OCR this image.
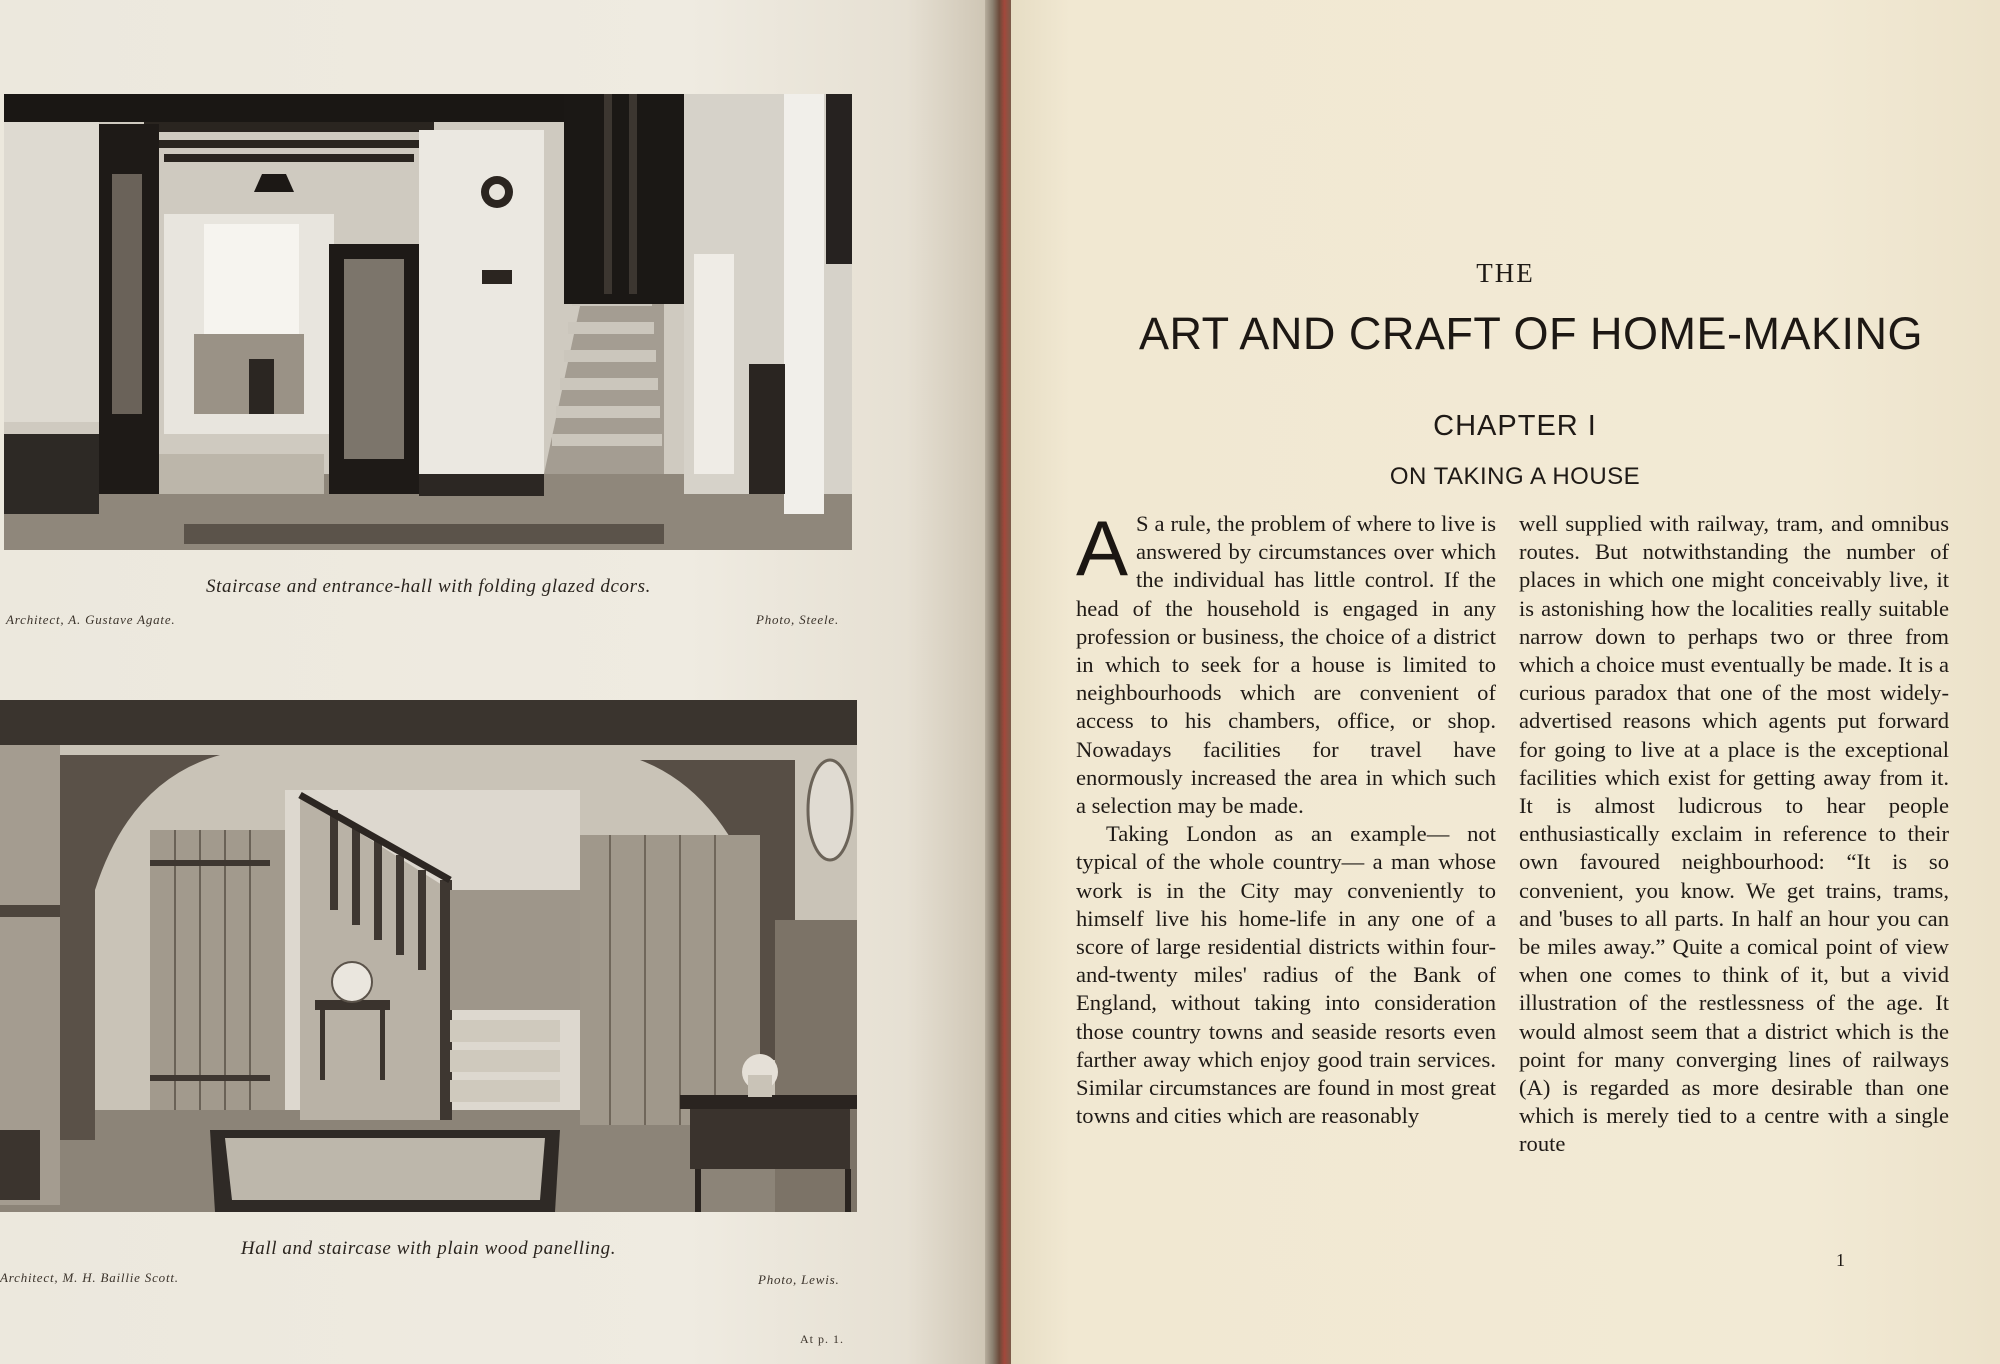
Staircase and entrance-hall with folding glazed dcors.
Architect, A. Gustave Agate.	Photo, Steele.
Hall and staircase with plain wood panelling.
Architect, M. H. Baillie Scott.	Photo, Lewis.
At p. 1.
THE
ART AND CRAFT OF HOME-MAKING
CHAPTER I
ON TAKING A HOUSE

A S a rule, the problem of where to live is answered by circumstances over which the individual has little control. If the head of the household is engaged in any profession or business, the choice of a district in which to seek for a house is limited to neighbourhoods which are convenient of access to his chambers, office, or shop. Nowadays facilities for travel have enormously increased the area in which such a selection may be made.

Taking London as an example— not typical of the whole country— a man whose work is in the City may conveniently to himself live his home-life in any one of a score of large residential districts within four-and-twenty miles' radius of the Bank of England, without taking into consideration those country towns and seaside resorts even farther away which enjoy good train services. Similar circumstances are found in most great towns and cities which are reasonably

well supplied with railway, tram, and omnibus routes. But notwithstanding the number of places in which one might conceivably live, it is astonishing how the localities really suitable narrow down to perhaps two or three from which a choice must eventually be made. It is a curious paradox that one of the most widely-advertised reasons which agents put forward for going to live at a place is the exceptional facilities which exist for getting away from it. It is almost ludicrous to hear people enthusiastically exclaim in reference to their own favoured neighbourhood: “It is so convenient, you know. We get trains, trams, and 'buses to all parts. In half an hour you can be miles away.” Quite a comical point of view when one comes to think of it, but a vivid illustration of the restlessness of the age. It would almost seem that a district which is the point for many converging lines of railways (A) is regarded as more desirable than one which is merely tied to a centre with a single route

1
